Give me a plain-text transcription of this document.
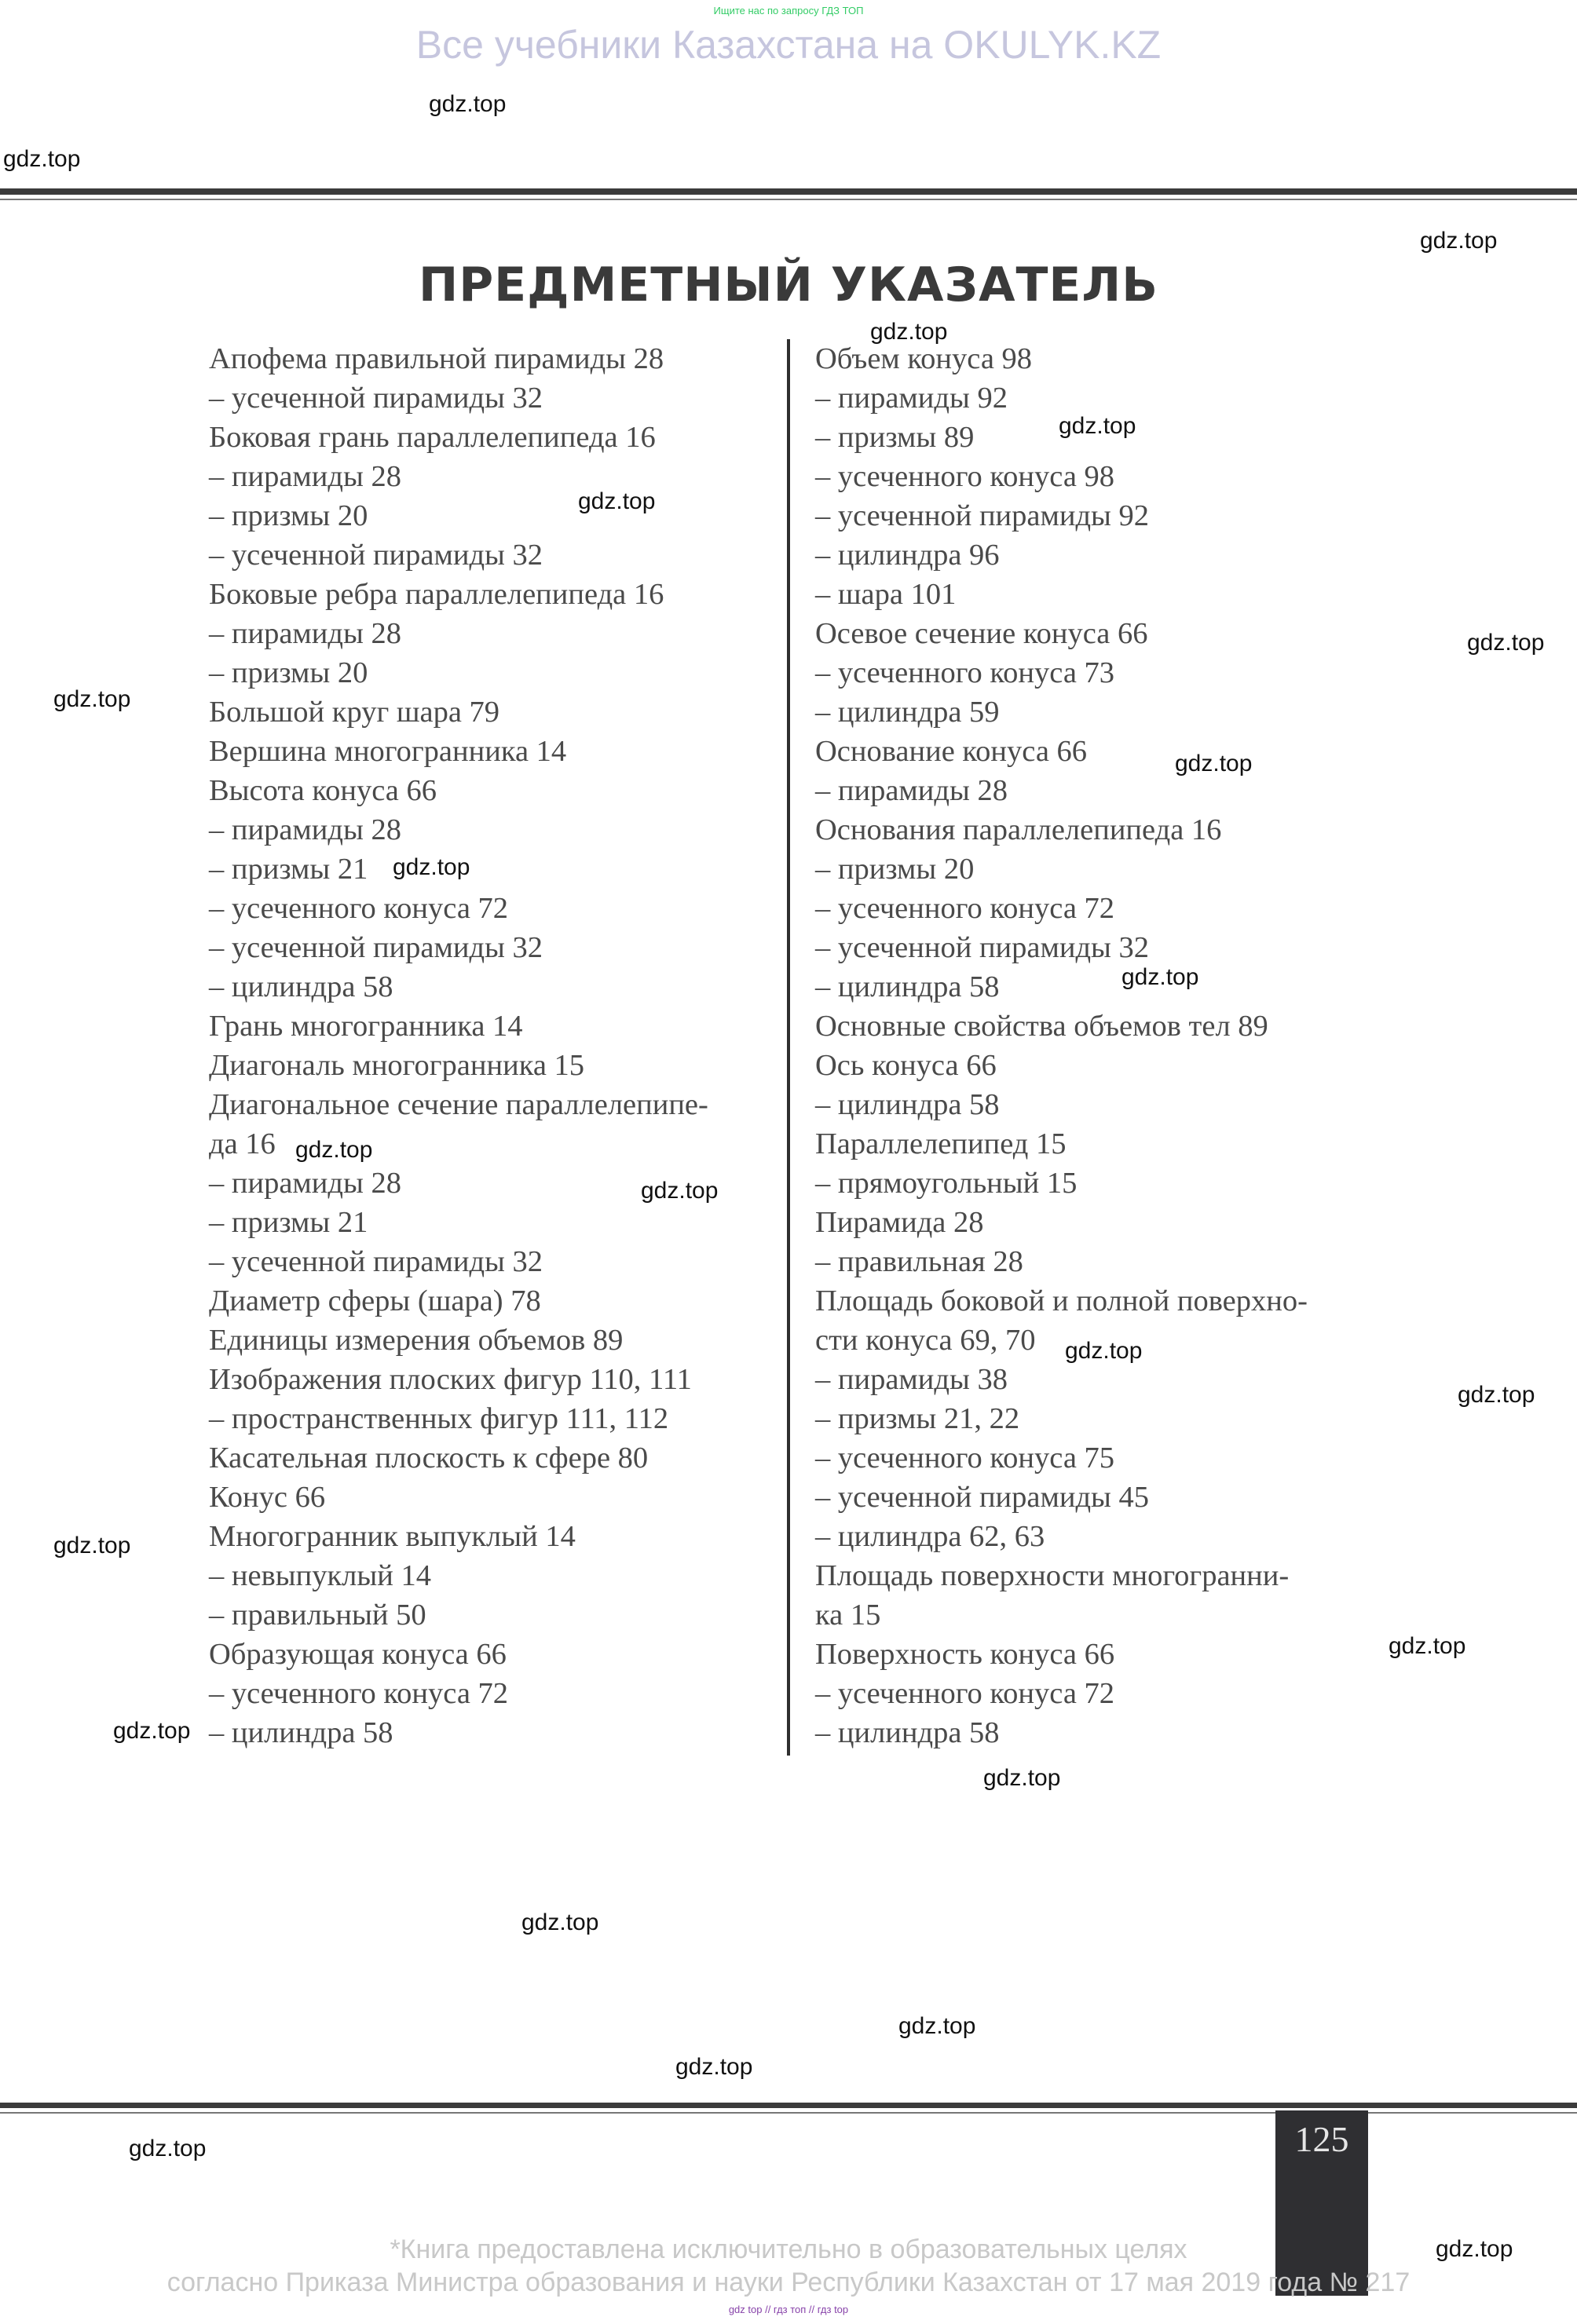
Ищите нас по запросу ГДЗ ТОП
Все учебники Казахстана на OKULYK.KZ
ПРЕДМЕТНЫЙ УКАЗАТЕЛЬ
Апофема правильной пирамиды 28
– усеченной пирамиды 32
Боковая грань параллелепипеда 16
– пирамиды 28
– призмы 20
– усеченной пирамиды 32
Боковые ребра параллелепипеда 16
– пирамиды 28
– призмы 20
Большой круг шара 79
Вершина многогранника 14
Высота конуса 66
– пирамиды 28
– призмы 21
– усеченного конуса 72
– усеченной пирамиды 32
– цилиндра 58
Грань многогранника 14
Диагональ многогранника 15
Диагональное сечение параллелепипе-
да 16
– пирамиды 28
– призмы 21
– усеченной пирамиды 32
Диаметр сферы (шара) 78
Единицы измерения объемов 89
Изображения плоских фигур 110, 111
– пространственных фигур 111, 112
Касательная плоскость к сфере 80
Конус 66
Многогранник выпуклый 14
– невыпуклый 14
– правильный 50
Образующая конуса 66
– усеченного конуса 72
– цилиндра 58
Объем конуса 98
– пирамиды 92
– призмы 89
– усеченного конуса 98
– усеченной пирамиды 92
– цилиндра 96
– шара 101
Осевое сечение конуса 66
– усеченного конуса 73
– цилиндра 59
Основание конуса 66
– пирамиды 28
Основания параллелепипеда 16
– призмы 20
– усеченного конуса 72
– усеченной пирамиды 32
– цилиндра 58
Основные свойства объемов тел 89
Ось конуса 66
– цилиндра 58
Параллелепипед 15
– прямоугольный 15
Пирамида 28
– правильная 28
Площадь боковой и полной поверхно-
сти конуса 69, 70
– пирамиды 38
– призмы 21, 22
– усеченного конуса 75
– усеченной пирамиды 45
– цилиндра 62, 63
Площадь поверхности многогранни-
ка 15
Поверхность конуса 66
– усеченного конуса 72
– цилиндра 58
gdz.top
gdz.top
gdz.top
gdz.top
gdz.top
gdz.top
gdz.top
gdz.top
gdz.top
gdz.top
gdz.top
gdz.top
gdz.top
gdz.top
gdz.top
gdz.top
gdz.top
gdz.top
gdz.top
gdz.top
gdz.top
gdz.top
gdz.top
gdz.top
125
*Книга предоставлена исключительно в образовательных целях
согласно Приказа Министра образования и науки Республики Казахстан от 17 мая 2019 года № 217
gdz top // гдз топ // гдз top
